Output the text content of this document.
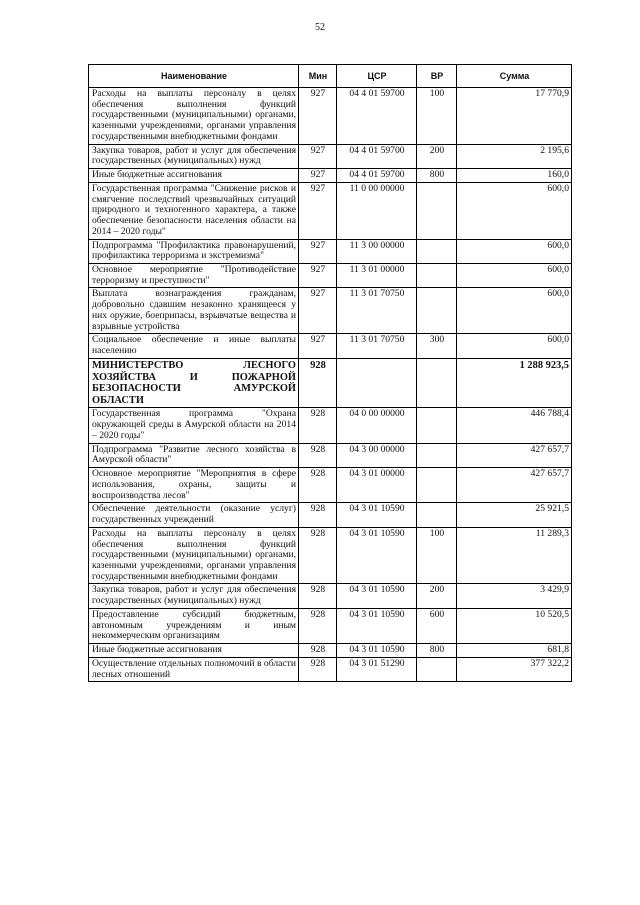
52
Наименование	Мин	ЦСР	ВР	Сумма
Расходы на выплаты персоналу в целях обеспечения выполнения функций государственными (муниципальными) органами, казенными учреждениями, органами управления государственными внебюджетными фондами	927	04 4 01 59700	100	17 770,9
Закупка товаров, работ и услуг для обеспечения государственных (муниципальных) нужд	927	04 4 01 59700	200	2 195,6
Иные бюджетные ассигнования	927	04 4 01 59700	800	160,0
Государственная программа "Снижение рисков и смягчение последствий чрезвычайных ситуаций природного и техногенного характера, а также обеспечение безопасности населения области на 2014 – 2020 годы"	927	11 0 00 00000		600,0
Подпрограмма "Профилактика правонарушений, профилактика терроризма и экстремизма"	927	11 3 00 00000		600,0
Основное мероприятие "Противодействие терроризму и преступности"	927	11 3 01 00000		600,0
Выплата вознаграждения гражданам, добровольно сдавшим незаконно хранящееся у них оружие, боеприпасы, взрывчатые вещества и взрывные устройства	927	11 3 01 70750		600,0
Социальное обеспечение и иные выплаты населению	927	11 3 01 70750	300	600,0
МИНИСТЕРСТВО ЛЕСНОГО ХОЗЯЙСТВА И ПОЖАРНОЙ БЕЗОПАСНОСТИ АМУРСКОЙ ОБЛАСТИ	928			1 288 923,5
Государственная программа "Охрана окружающей среды в Амурской области на 2014 – 2020 годы"	928	04 0 00 00000		446 788,4
Подпрограмма "Развитие лесного хозяйства в Амурской области"	928	04 3 00 00000		427 657,7
Основное мероприятие "Мероприятия в сфере использования, охраны, защиты и воспроизводства лесов"	928	04 3 01 00000		427 657,7
Обеспечение деятельности (оказание услуг) государственных учреждений	928	04 3 01 10590		25 921,5
Расходы на выплаты персоналу в целях обеспечения выполнения функций государственными (муниципальными) органами, казенными учреждениями, органами управления государственными внебюджетными фондами	928	04 3 01 10590	100	11 289,3
Закупка товаров, работ и услуг для обеспечения государственных (муниципальных) нужд	928	04 3 01 10590	200	3 429,9
Предоставление субсидий бюджетным, автономным учреждениям и иным некоммерческим организациям	928	04 3 01 10590	600	10 520,5
Иные бюджетные ассигнования	928	04 3 01 10590	800	681,8
Осуществление отдельных полномочий в области лесных отношений	928	04 3 01 51290		377 322,2
